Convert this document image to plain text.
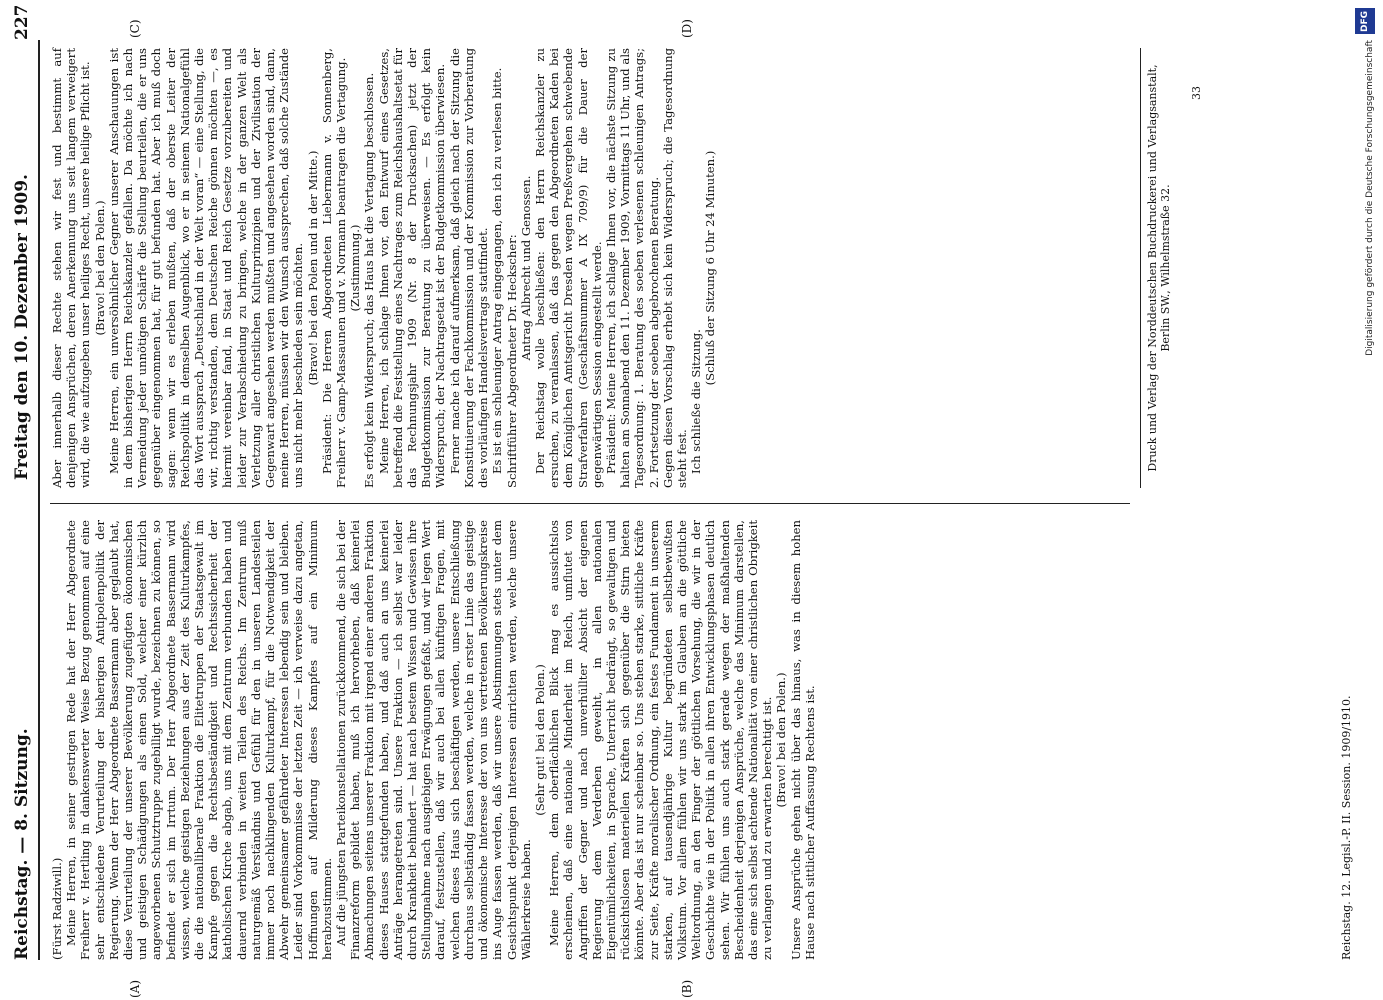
Reichstag. — 8. Sitzung.
Freitag den 10. Dezember 1909.
227
(A)	(B)
(C)	(D)

(Fürst Radziwill.) Meine Herren, in seiner gestrigen Rede hat der Herr Abgeordnete Freiherr v. Hertling in dankenswerter Weise Bezug genommen auf eine sehr entschiedene Verurteilung der bisherigen Antipolenpolitik der Regierung. Wenn der Herr Abgeordnete Bassermann aber geglaubt hat, diese Verurteilung der unserer Bevölkerung zugefügten ökonomischen und geistigen Schädigungen als einen Sold, welcher einer kürzlich angeworbenen Schutztruppe zugebilligt wurde, bezeichnen zu können, so befindet er sich im Irrtum. Der Herr Abgeordnete Bassermann wird wissen, welche geistigen Beziehungen aus der Zeit des Kulturkampfes, die die nationalliberale Fraktion die Elitetruppen der Staatsgewalt im Kampfe gegen die Rechtsbeständigkeit und Rechtssicherheit der katholischen Kirche abgab, uns mit dem Zentrum verbunden haben und dauernd verbinden in weiten Teilen des Reichs. Im Zentrum muß naturgemäß Verständnis und Gefühl für den in unseren Landesteilen immer noch nachklingenden Kulturkampf, für die Notwendigkeit der Abwehr gemeinsamer gefährdeter Interessen lebendig sein und bleiben. Leider sind Vorkommnisse der letzten Zeit — ich verweise dazu angetan, Hoffnungen auf Milderung dieses Kampfes auf ein Minimum herabzustimmen. Auf die jüngsten Parteikonstellationen zurückkommend, die sich bei der Finanzreform gebildet haben, muß ich hervorheben, daß keinerlei Abmachungen seitens unserer Fraktion mit irgend einer anderen Fraktion dieses Hauses stattgefunden haben, und daß auch an uns keinerlei Anträge herangetreten sind. Unsere Fraktion — ich selbst war leider durch Krankheit behindert — hat nach bestem Wissen und Gewissen ihre Stellungnahme nach ausgiebigen Erwägungen gefaßt, und wir legen Wert darauf, festzustellen, daß wir auch bei allen künftigen Fragen, mit welchen dieses Haus sich beschäftigen werden, unsere Entschließung durchaus selbständig fassen werden, welche in erster Linie das geistige und ökonomische Interesse der von uns vertretenen Bevölkerungskreise ins Auge fassen werden, daß wir unsere Abstimmungen stets unter dem Gesichtspunkt derjenigen Interessen einrichten werden, welche unsere Wählerkreise haben.

(Sehr gut! bei den Polen.) Meine Herren, dem oberflächlichen Blick mag es aussichtslos erscheinen, daß eine nationale Minderheit im Reich, umflutet von Angriffen der Gegner und nach unverhüllter Absicht der eigenen Regierung dem Verderben geweiht, in allen nationalen Eigentümlichkeiten, in Sprache, Unterricht bedrängt, so gewaltigen und rücksichtslosen materiellen Kräften sich gegenüber die Stirn bieten könnte. Aber das ist nur scheinbar so. Uns stehen starke, sittliche Kräfte zur Seite, Kräfte moralischer Ordnung, ein festes Fundament in unserem starken, auf tausendjährige Kultur begründeten selbstbewußten Volkstum. Vor allem fühlen wir uns stark im Glauben an die göttliche Weltordnung, an den Finger der göttlichen Vorsehung, die wir in der Geschichte wie in der Politik in allen ihren Entwicklungsphasen deutlich sehen. Wir fühlen uns auch stark gerade wegen der maßhaltenden Bescheidenheit derjenigen Ansprüche, welche das Minimum darstellen, das eine sich selbst achtende Nationalität von einer christlichen Obrigkeit zu verlangen und zu erwarten berechtigt ist. (Bravo! bei den Polen.) Unsere Ansprüche gehen nicht über das hinaus, was in diesem hohen Hause nach sittlicher Auffassung Rechtens ist.

Aber innerhalb dieser Rechte stehen wir fest und bestimmt auf denjenigen Ansprüchen, deren Anerkennung uns seit langem verweigert wird, die wie aufzugeben unser heiliges Recht, unsere heilige Pflicht ist. (Bravo! bei den Polen.) Meine Herren, ein unversöhnlicher Gegner unserer Anschauungen ist in dem bisherigen Herrn Reichskanzler gefallen. Da möchte ich nach Vermeidung jeder unnötigen Schärfe die Stellung beurteilen, die er uns gegenüber eingenommen hat, für gut befunden hat. Aber ich muß doch sagen: wenn wir es erleben mußten, daß der oberste Leiter der Reichspolitik in demselben Augenblick, wo er in seinem Nationalgefühl das Wort aussprach „Deutschland in der Welt voran“ — eine Stellung, die wir, richtig verstanden, dem Deutschen Reiche gönnen möchten —, es hiermit vereinbar fand, in Staat und Reich Gesetze vorzubereiten und leider zur Verabschiedung zu bringen, welche in der ganzen Welt als Verletzung aller christlichen Kulturprinzipien und der Zivilisation der Gegenwart angesehen werden mußten und angesehen worden sind, dann, meine Herren, müssen wir den Wunsch aussprechen, daß solche Zustände uns nicht mehr beschieden sein möchten. (Bravo! bei den Polen und in der Mitte.) Präsident: Die Herren Abgeordneten Liebermann v. Sonnenberg, Freiherr v. Gamp-Massaunen und v. Normann beantragen die Vertagung. (Zustimmung.) Es erfolgt kein Widerspruch; das Haus hat die Vertagung beschlossen. Meine Herren, ich schlage Ihnen vor, den Entwurf eines Gesetzes, betreffend die Feststellung eines Nachtrages zum Reichshaushaltsetat für das Rechnungsjahr 1909 (Nr. 8 der Drucksachen) jetzt der Budgetkommission zur Beratung zu überweisen. — Es erfolgt kein Widerspruch; der Nachtragsetat ist der Budgetkommission überwiesen. Ferner mache ich darauf aufmerksam, daß gleich nach der Sitzung die Konstituierung der Fachkommission und der Kommission zur Vorberatung des vorläufigen Handelsvertrags stattfindet. Es ist ein schleuniger Antrag eingegangen, den ich zu verlesen bitte. Schriftführer Abgeordneter Dr. Heckscher: Antrag Albrecht und Genossen. Der Reichstag wolle beschließen: den Herrn Reichskanzler zu ersuchen, zu veranlassen, daß das gegen den Abgeordneten Kaden bei dem Königlichen Amtsgericht Dresden wegen Preßvergehen schwebende Strafverfahren (Geschäftsnummer A IX 709/9) für die Dauer der gegenwärtigen Session eingestellt werde. Präsident: Meine Herren, ich schlage Ihnen vor, die nächste Sitzung zu halten am Sonnabend den 11. Dezember 1909, Vormittags 11 Uhr, und als Tagesordnung: 1. Beratung des soeben verlesenen schleunigen Antrags; 2. Fortsetzung der soeben abgebrochenen Beratung. Gegen diesen Vorschlag erhebt sich kein Widerspruch; die Tagesordnung steht fest. Ich schließe die Sitzung.

(Schluß der Sitzung 6 Uhr 24 Minuten.)	Druck und Verlag der Norddeutschen Buchdruckerei und Verlagsanstalt, Berlin SW., Wilhelmstraße 32.
Reichstag. 12. Legisl.-P. II. Session. 1909/1910.
33
DFG
Digitalisierung gefördert durch die Deutsche Forschungsgemeinschaft
